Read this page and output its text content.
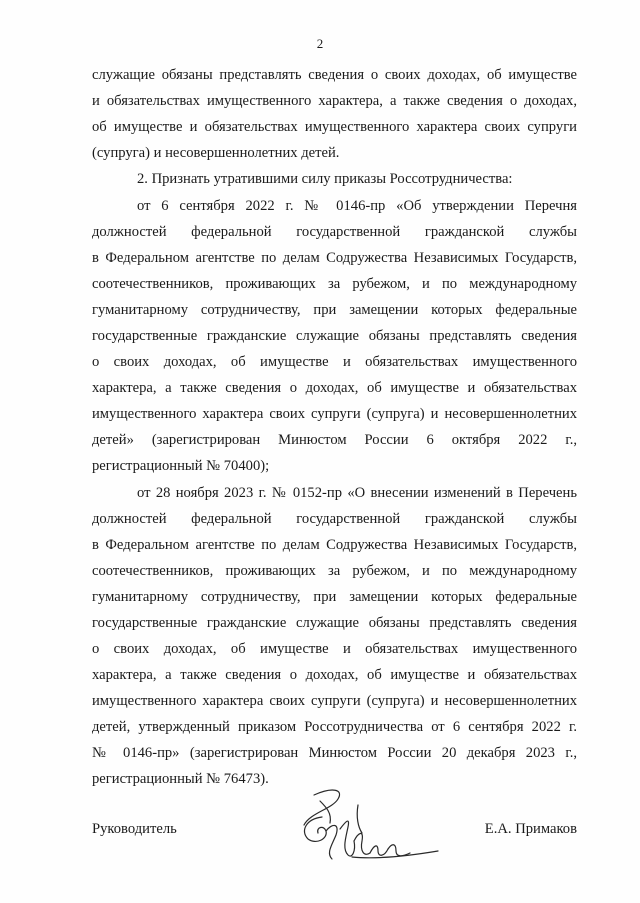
2
служащие обязаны представлять сведения о своих доходах, об имуществе
и обязательствах имущественного характера, а также сведения о доходах,
об имуществе и обязательствах имущественного характера своих супруги
(супруга) и несовершеннолетних детей.
2. Признать утратившими силу приказы Россотрудничества:
от 6 сентября 2022 г. № 0146-пр «Об утверждении Перечня
должностей федеральной государственной гражданской службы
в Федеральном агентстве по делам Содружества Независимых Государств,
соотечественников, проживающих за рубежом, и по международному
гуманитарному сотрудничеству, при замещении которых федеральные
государственные гражданские служащие обязаны представлять сведения
о своих доходах, об имуществе и обязательствах имущественного
характера, а также сведения о доходах, об имуществе и обязательствах
имущественного характера своих супруги (супруга) и несовершеннолетних
детей» (зарегистрирован Минюстом России 6 октября 2022 г.,
регистрационный № 70400);
от 28 ноября 2023 г. № 0152-пр «О внесении изменений в Перечень
должностей федеральной государственной гражданской службы
в Федеральном агентстве по делам Содружества Независимых Государств,
соотечественников, проживающих за рубежом, и по международному
гуманитарному сотрудничеству, при замещении которых федеральные
государственные гражданские служащие обязаны представлять сведения
о своих доходах, об имуществе и обязательствах имущественного
характера, а также сведения о доходах, об имуществе и обязательствах
имущественного характера своих супруги (супруга) и несовершеннолетних
детей, утвержденный приказом Россотрудничества от 6 сентября 2022 г.
№ 0146-пр» (зарегистрирован Минюстом России 20 декабря 2023 г.,
регистрационный № 76473).
Руководитель	Е.А. Примаков
